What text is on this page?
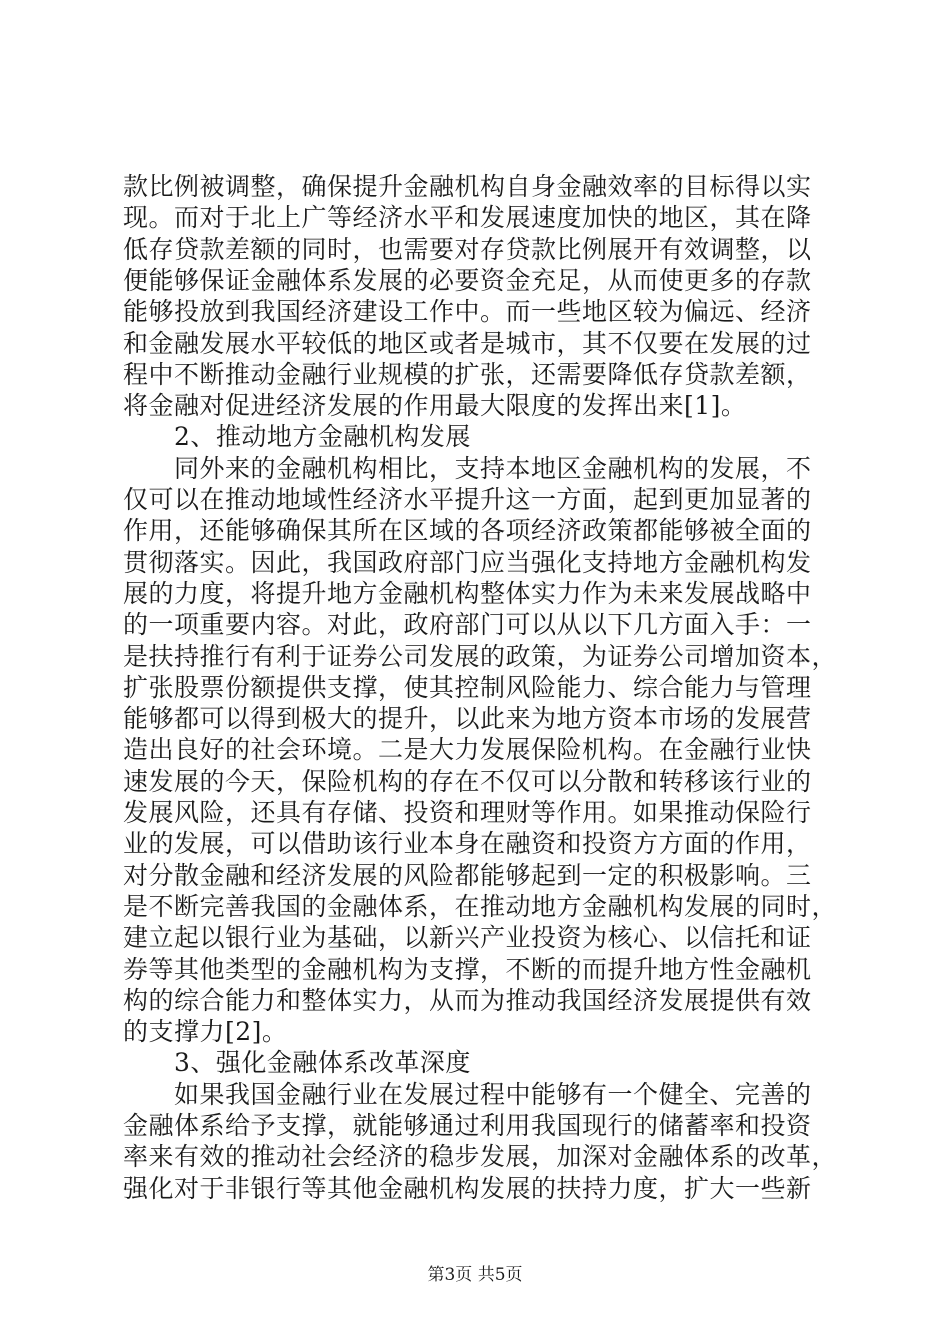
款比例被调整，确保提升金融机构自身金融效率的目标得以实
现。而对于北上广等经济水平和发展速度加快的地区，其在降
低存贷款差额的同时，也需要对存贷款比例展开有效调整，以
便能够保证金融体系发展的必要资金充足，从而使更多的存款
能够投放到我国经济建设工作中。而一些地区较为偏远、经济
和金融发展水平较低的地区或者是城市，其不仅要在发展的过
程中不断推动金融行业规模的扩张，还需要降低存贷款差额，
将金融对促进经济发展的作用最大限度的发挥出来[1]。
　　2、推动地方金融机构发展
　　同外来的金融机构相比，支持本地区金融机构的发展，不
仅可以在推动地域性经济水平提升这一方面，起到更加显著的
作用，还能够确保其所在区域的各项经济政策都能够被全面的
贯彻落实。因此，我国政府部门应当强化支持地方金融机构发
展的力度，将提升地方金融机构整体实力作为未来发展战略中
的一项重要内容。对此，政府部门可以从以下几方面入手：一
是扶持推行有利于证券公司发展的政策，为证券公司增加资本，
扩张股票份额提供支撑，使其控制风险能力、综合能力与管理
能够都可以得到极大的提升，以此来为地方资本市场的发展营
造出良好的社会环境。二是大力发展保险机构。在金融行业快
速发展的今天，保险机构的存在不仅可以分散和转移该行业的
发展风险，还具有存储、投资和理财等作用。如果推动保险行
业的发展，可以借助该行业本身在融资和投资方方面的作用，
对分散金融和经济发展的风险都能够起到一定的积极影响。三
是不断完善我国的金融体系，在推动地方金融机构发展的同时，
建立起以银行业为基础，以新兴产业投资为核心、以信托和证
券等其他类型的金融机构为支撑，不断的而提升地方性金融机
构的综合能力和整体实力，从而为推动我国经济发展提供有效
的支撑力[2]。
　　3、强化金融体系改革深度
　　如果我国金融行业在发展过程中能够有一个健全、完善的
金融体系给予支撑，就能够通过利用我国现行的储蓄率和投资
率来有效的推动社会经济的稳步发展，加深对金融体系的改革，
强化对于非银行等其他金融机构发展的扶持力度，扩大一些新
第3页 共5页
